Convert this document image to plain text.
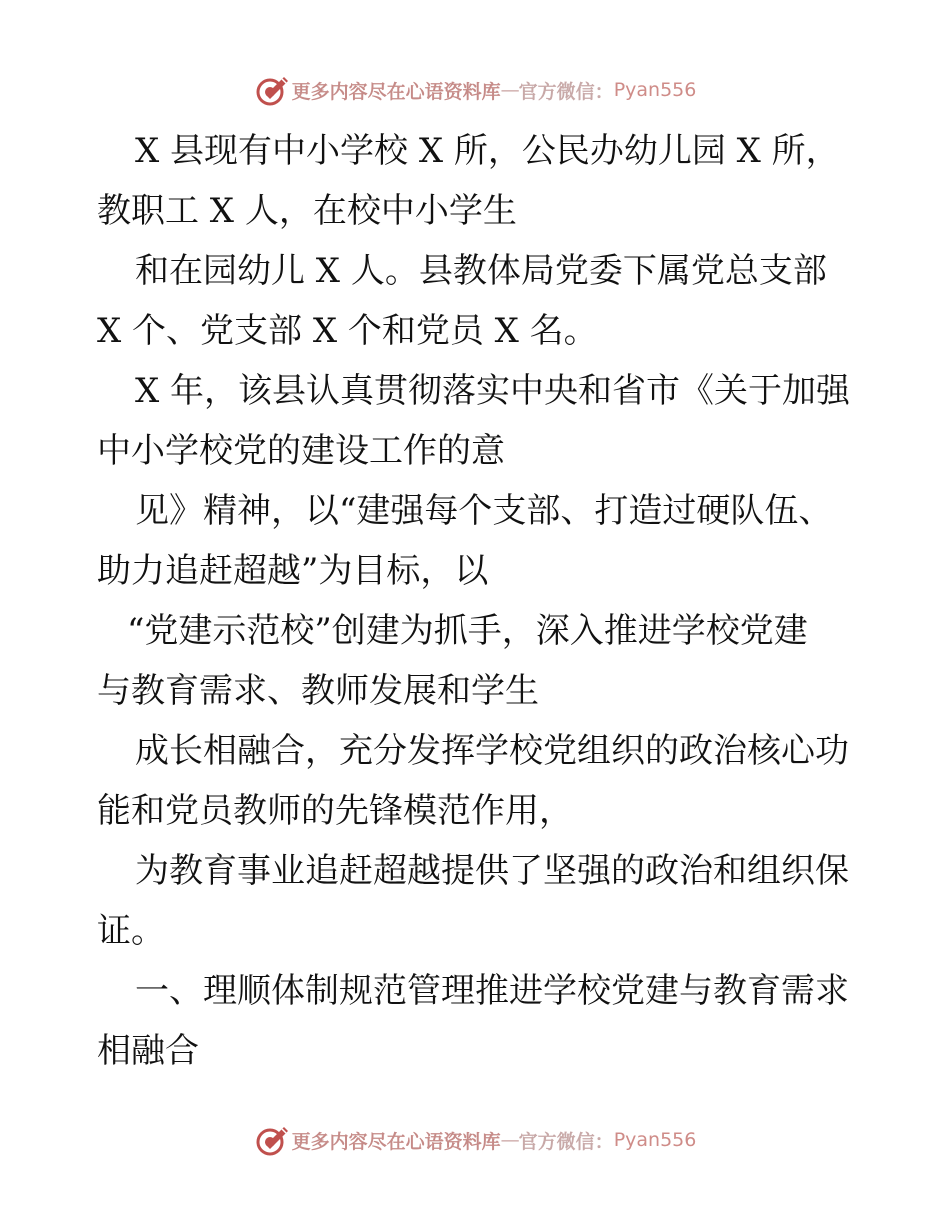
更多内容尽在心语资料库 — 官方微信： Pyan556
X 县现有中小学校 X 所，公民办幼儿园 X 所，
教职工 X 人，在校中小学生
和在园幼儿 X 人。县教体局党委下属党总支部
X 个、党支部 X 个和党员 X 名。
X 年，该县认真贯彻落实中央和省市《关于加强
中小学校党的建设工作的意
见》精神，以“建强每个支部、打造过硬队伍、
助力追赶超越”为目标，以
“党建示范校”创建为抓手，深入推进学校党建
与教育需求、教师发展和学生
成长相融合，充分发挥学校党组织的政治核心功
能和党员教师的先锋模范作用，
为教育事业追赶超越提供了坚强的政治和组织保
证。
一、理顺体制规范管理推进学校党建与教育需求
相融合
更多内容尽在心语资料库 — 官方微信： Pyan556
